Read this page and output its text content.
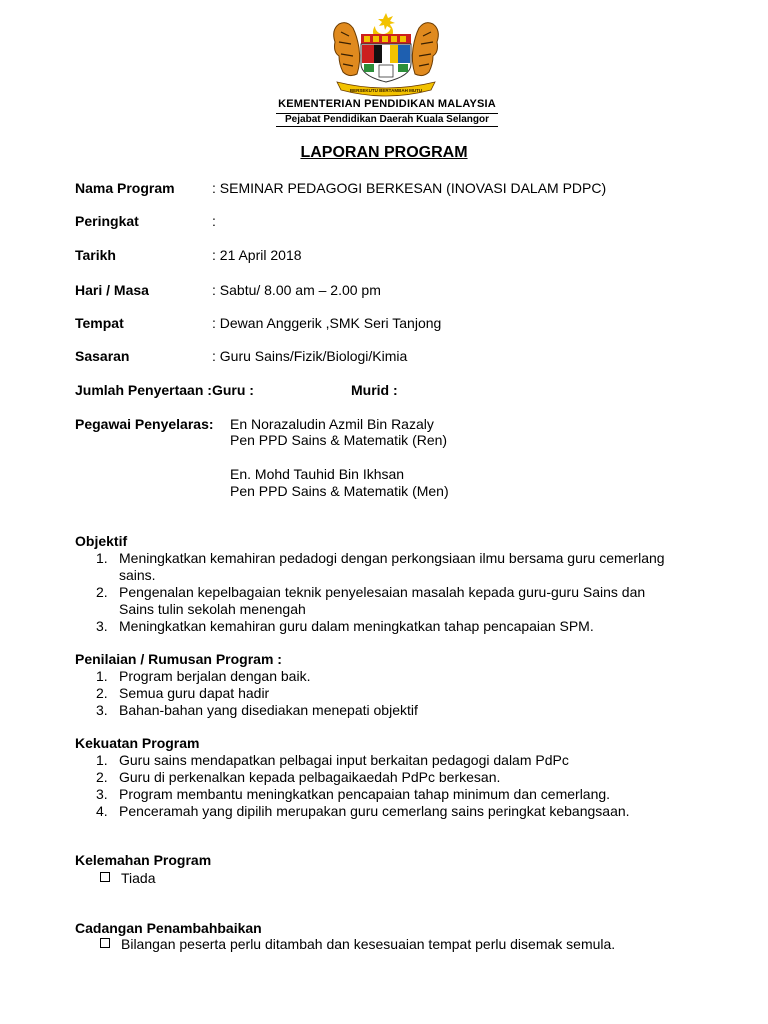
BERSEKUTU BERTAMBAH MUTU
KEMENTERIAN PENDIDIKAN MALAYSIA
Pejabat Pendidikan Daerah Kuala Selangor
LAPORAN PROGRAM
Nama Program	: SEMINAR PEDAGOGI BERKESAN (INOVASI DALAM PDPC)
Peringkat	:
Tarikh	: 21 April 2018
Hari / Masa	: Sabtu/ 8.00 am – 2.00 pm
Tempat	: Dewan Anggerik ,SMK Seri Tanjong
Sasaran	: Guru Sains/Fizik/Biologi/Kimia
Jumlah Penyertaan :Guru :	Murid :
Pegawai Penyelaras: En Norazaludin Azmil Bin Razaly
Pen PPD Sains & Matematik (Ren)
En. Mohd Tauhid Bin Ikhsan
Pen PPD Sains & Matematik (Men)
Objektif
1. Meningkatkan kemahiran pedadogi dengan perkongsiaan ilmu bersama guru cemerlang sains.
2. Pengenalan kepelbagaian teknik penyelesaian masalah kepada guru-guru Sains dan Sains tulin sekolah menengah
3. Meningkatkan kemahiran guru dalam meningkatkan tahap pencapaian SPM.
Penilaian / Rumusan Program :
1. Program berjalan dengan baik.
2. Semua guru dapat hadir
3. Bahan-bahan yang disediakan menepati objektif
Kekuatan Program
1. Guru sains mendapatkan pelbagai input berkaitan pedagogi dalam PdPc
2. Guru di perkenalkan kepada pelbagaikaedah PdPc berkesan.
3. Program membantu meningkatkan pencapaian tahap minimum dan cemerlang.
4. Penceramah yang dipilih merupakan guru cemerlang sains peringkat kebangsaan.
Kelemahan Program
Tiada
Cadangan Penambahbaikan
Bilangan peserta perlu ditambah dan kesesuaian tempat perlu disemak semula.
